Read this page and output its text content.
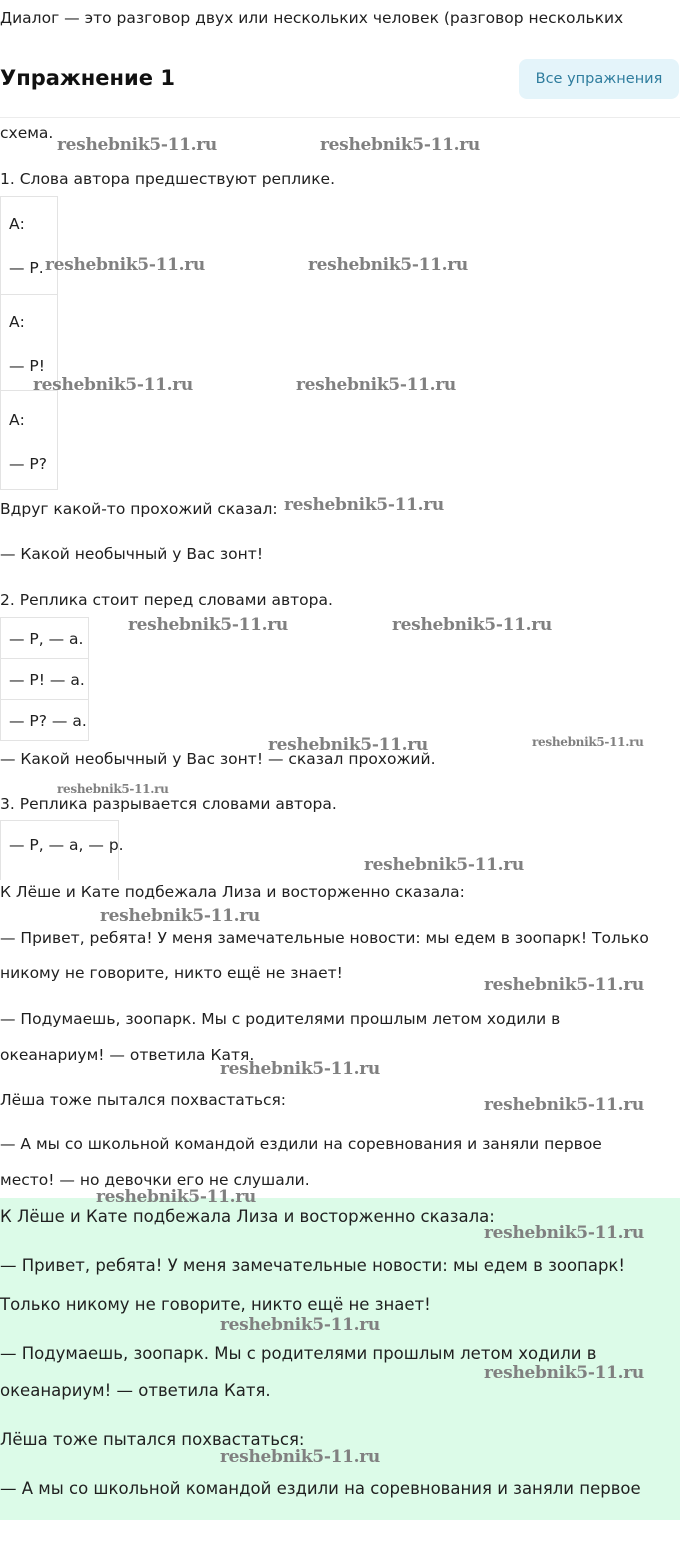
Диалог — это разговор двух или нескольких человек (разговор нескольких
Упражнение 1	Все упражнения
схема.
1. Слова автора предшествуют реплике.
А:
— Р.
А:
— Р!
А:
— Р?
Вдруг какой-то прохожий сказал:
— Какой необычный у Вас зонт!
2. Реплика стоит перед словами автора.
— Р, — а.
— Р! — а.
— Р? — а.
— Какой необычный у Вас зонт! — сказал прохожий.
3. Реплика разрывается словами автора.
— Р, — а, — р.
К Лёше и Кате подбежала Лиза и восторженно сказала:
— Привет, ребята! У меня замечательные новости: мы едем в зоопарк! Только
никому не говорите, никто ещё не знает!
— Подумаешь, зоопарк. Мы с родителями прошлым летом ходили в
океанариум! — ответила Катя.
Лёша тоже пытался похвастаться:
— А мы со школьной командой ездили на соревнования и заняли первое
место! — но девочки его не слушали.
К Лёше и Кате подбежала Лиза и восторженно сказала:
— Привет, ребята! У меня замечательные новости: мы едем в зоопарк!
Только никому не говорите, никто ещё не знает!
— Подумаешь, зоопарк. Мы с родителями прошлым летом ходили в
океанариум! — ответила Катя.
Лёша тоже пытался похвастаться:
— А мы со школьной командой ездили на соревнования и заняли первое
reshebnik5-11.ru	reshebnik5-11.ru
reshebnik5-11.ru	reshebnik5-11.ru
reshebnik5-11.ru	reshebnik5-11.ru
reshebnik5-11.ru
reshebnik5-11.ru	reshebnik5-11.ru
reshebnik5-11.ru	reshebnik5-11.ru
reshebnik5-11.ru
reshebnik5-11.ru
reshebnik5-11.ru
reshebnik5-11.ru
reshebnik5-11.ru
reshebnik5-11.ru
reshebnik5-11.ru
reshebnik5-11.ru
reshebnik5-11.ru
reshebnik5-11.ru
reshebnik5-11.ru
